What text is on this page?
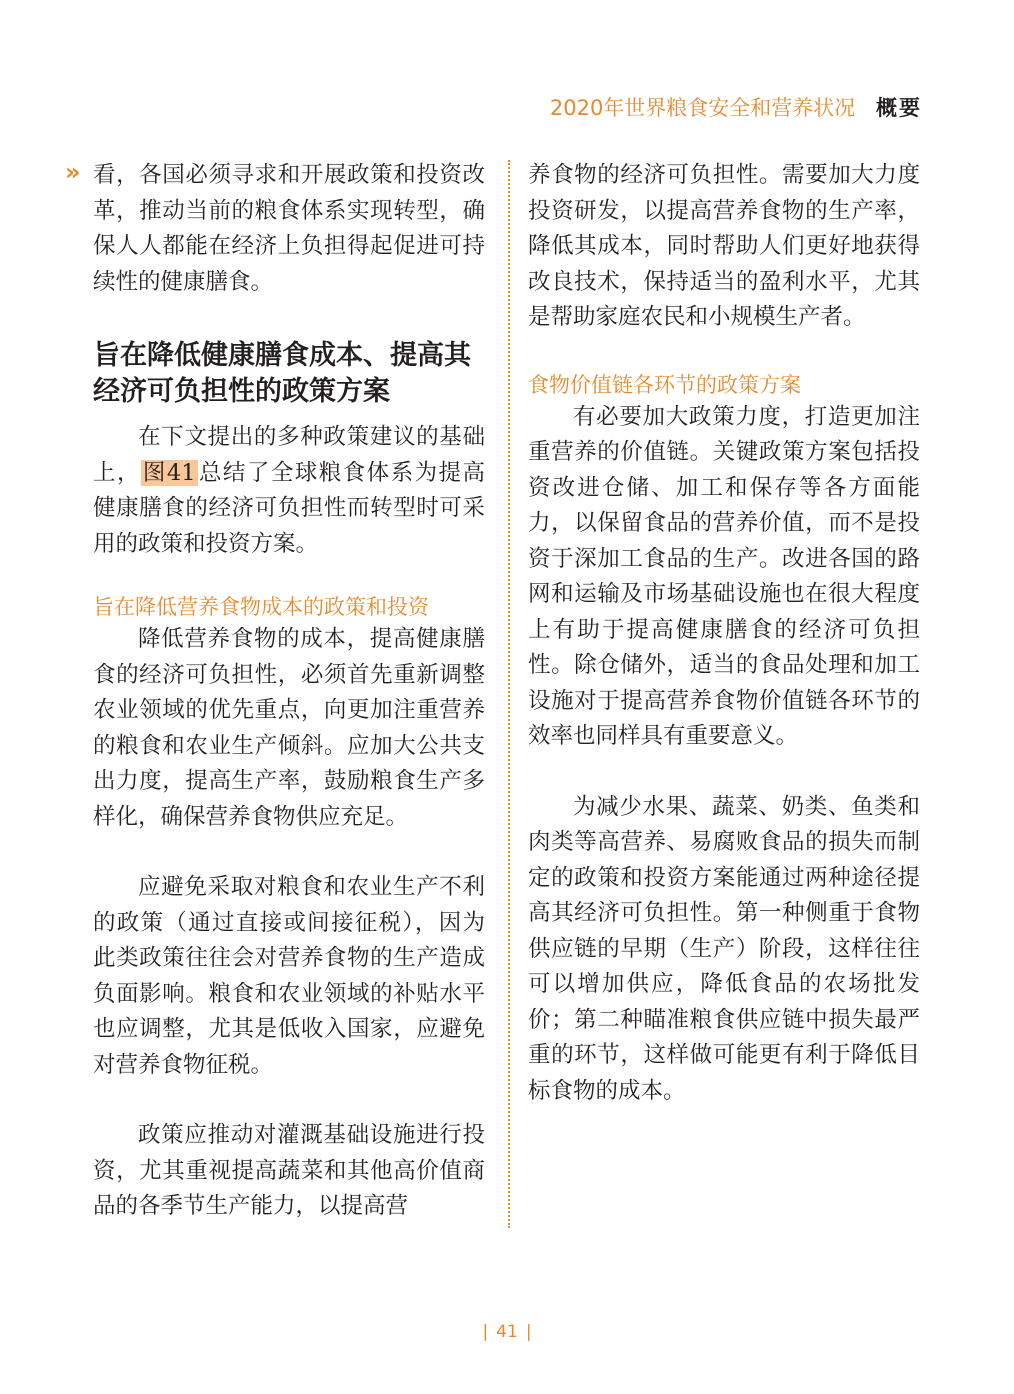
2020年世界粮食安全和营养状况 概要
» 看，各国必须寻求和开展政策和投资改革，推动当前的粮食体系实现转型，确保人人都能在经济上负担得起促进可持续性的健康膳食。

旨在降低健康膳食成本、提高其经济可负担性的政策方案

在下文提出的多种政策建议的基础上，图41总结了全球粮食体系为提高健康膳食的经济可负担性而转型时可采用的政策和投资方案。

旨在降低营养食物成本的政策和投资

降低营养食物的成本，提高健康膳食的经济可负担性，必须首先重新调整农业领域的优先重点，向更加注重营养的粮食和农业生产倾斜。应加大公共支出力度，提高生产率，鼓励粮食生产多样化，确保营养食物供应充足。

应避免采取对粮食和农业生产不利的政策（通过直接或间接征税），因为此类政策往往会对营养食物的生产造成负面影响。粮食和农业领域的补贴水平也应调整，尤其是低收入国家，应避免对营养食物征税。

政策应推动对灌溉基础设施进行投资，尤其重视提高蔬菜和其他高价值商品的各季节生产能力，以提高营

养食物的经济可负担性。需要加大力度投资研发，以提高营养食物的生产率，降低其成本，同时帮助人们更好地获得改良技术，保持适当的盈利水平，尤其是帮助家庭农民和小规模生产者。

食物价值链各环节的政策方案

有必要加大政策力度，打造更加注重营养的价值链。关键政策方案包括投资改进仓储、加工和保存等各方面能力，以保留食品的营养价值，而不是投资于深加工食品的生产。改进各国的路网和运输及市场基础设施也在很大程度上有助于提高健康膳食的经济可负担性。除仓储外，适当的食品处理和加工设施对于提高营养食物价值链各环节的效率也同样具有重要意义。

为减少水果、蔬菜、奶类、鱼类和肉类等高营养、易腐败食品的损失而制定的政策和投资方案能通过两种途径提高其经济可负担性。第一种侧重于食物供应链的早期（生产）阶段，这样往往可以增加供应，降低食品的农场批发价；第二种瞄准粮食供应链中损失最严重的环节，这样做可能更有利于降低目标食物的成本。

| 41 |
